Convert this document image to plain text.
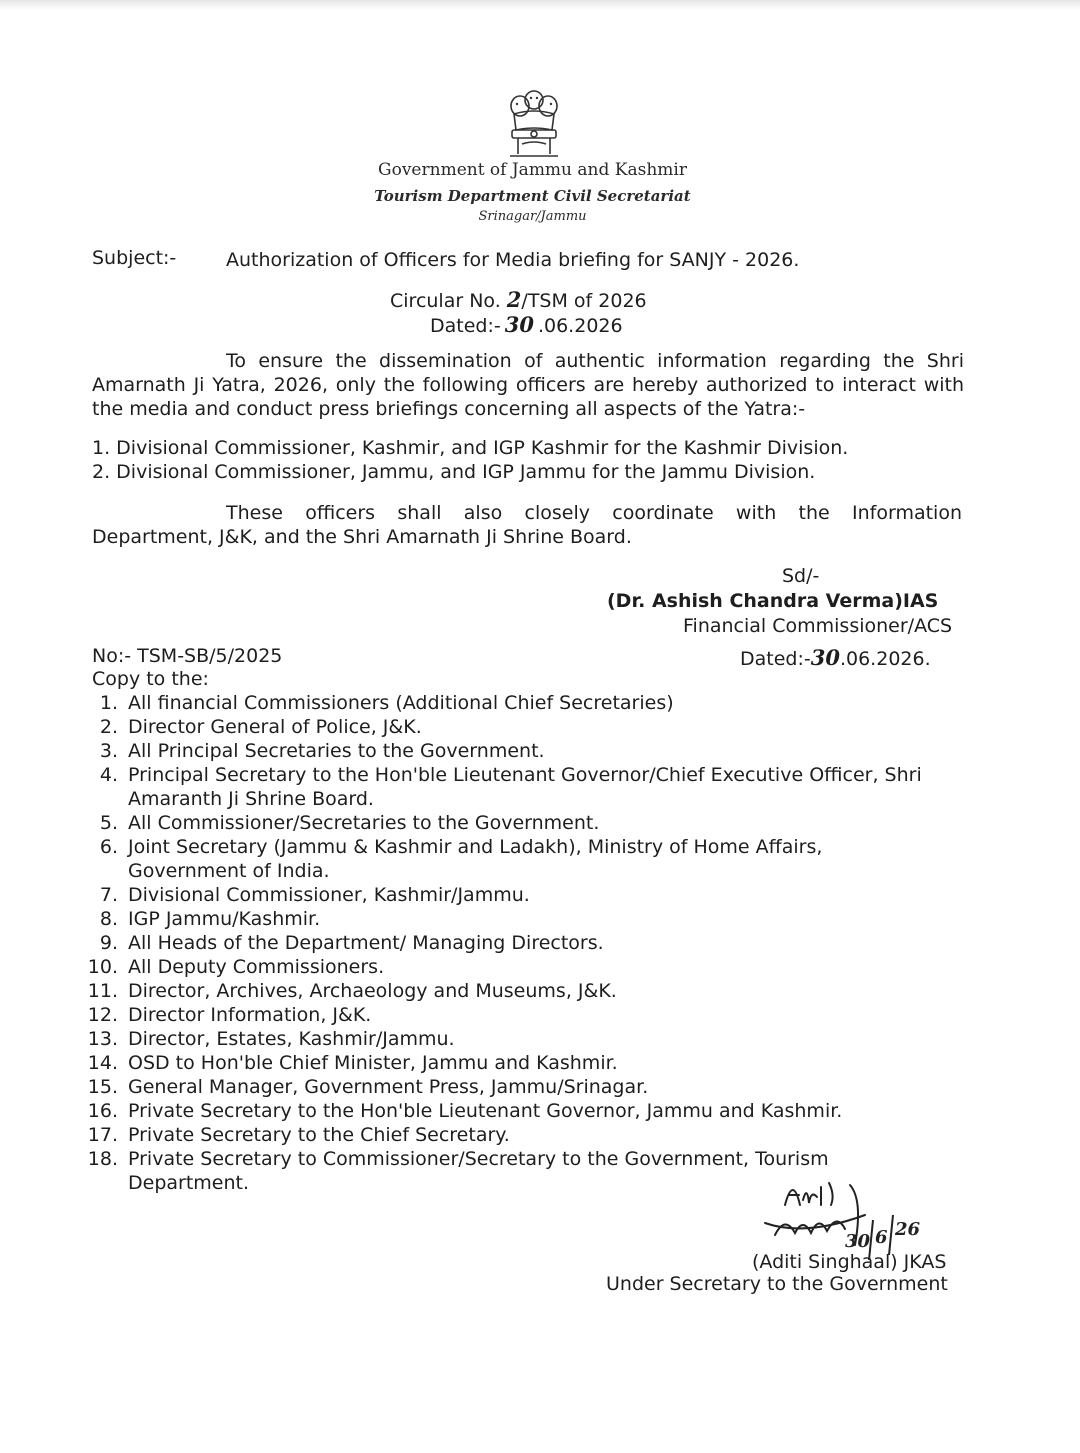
Government of Jammu and Kashmir
Tourism Department Civil Secretariat
Srinagar/Jammu
Subject:-	Authorization of Officers for Media briefing for SANJY - 2026.
Circular No. 2/TSM of 2026
Dated:- 30 .06.2026
To ensure the dissemination of authentic information regarding the Shri
Amarnath Ji Yatra, 2026, only the following officers are hereby authorized to interact with
the media and conduct press briefings concerning all aspects of the Yatra:-
1. Divisional Commissioner, Kashmir, and IGP Kashmir for the Kashmir Division.
2. Divisional Commissioner, Jammu, and IGP Jammu for the Jammu Division.
These officers shall also closely coordinate with the Information
Department, J&K, and the Shri Amarnath Ji Shrine Board.
Sd/-
(Dr. Ashish Chandra Verma)IAS
Financial Commissioner/ACS
No:- TSM-SB/5/2025	Dated:-30.06.2026.
Copy to the:
1. All financial Commissioners (Additional Chief Secretaries)
2. Director General of Police, J&K.
3. All Principal Secretaries to the Government.
4. Principal Secretary to the Hon'ble Lieutenant Governor/Chief Executive Officer, Shri
Amaranth Ji Shrine Board.
5. All Commissioner/Secretaries to the Government.
6. Joint Secretary (Jammu & Kashmir and Ladakh), Ministry of Home Affairs,
Government of India.
7. Divisional Commissioner, Kashmir/Jammu.
8. IGP Jammu/Kashmir.
9. All Heads of the Department/ Managing Directors.
10. All Deputy Commissioners.
11. Director, Archives, Archaeology and Museums, J&K.
12. Director Information, J&K.
13. Director, Estates, Kashmir/Jammu.
14. OSD to Hon'ble Chief Minister, Jammu and Kashmir.
15. General Manager, Government Press, Jammu/Srinagar.
16. Private Secretary to the Hon'ble Lieutenant Governor, Jammu and Kashmir.
17. Private Secretary to the Chief Secretary.
18. Private Secretary to Commissioner/Secretary to the Government, Tourism
Department.
30 6 26
(Aditi Singhaal) JKAS
Under Secretary to the Government
